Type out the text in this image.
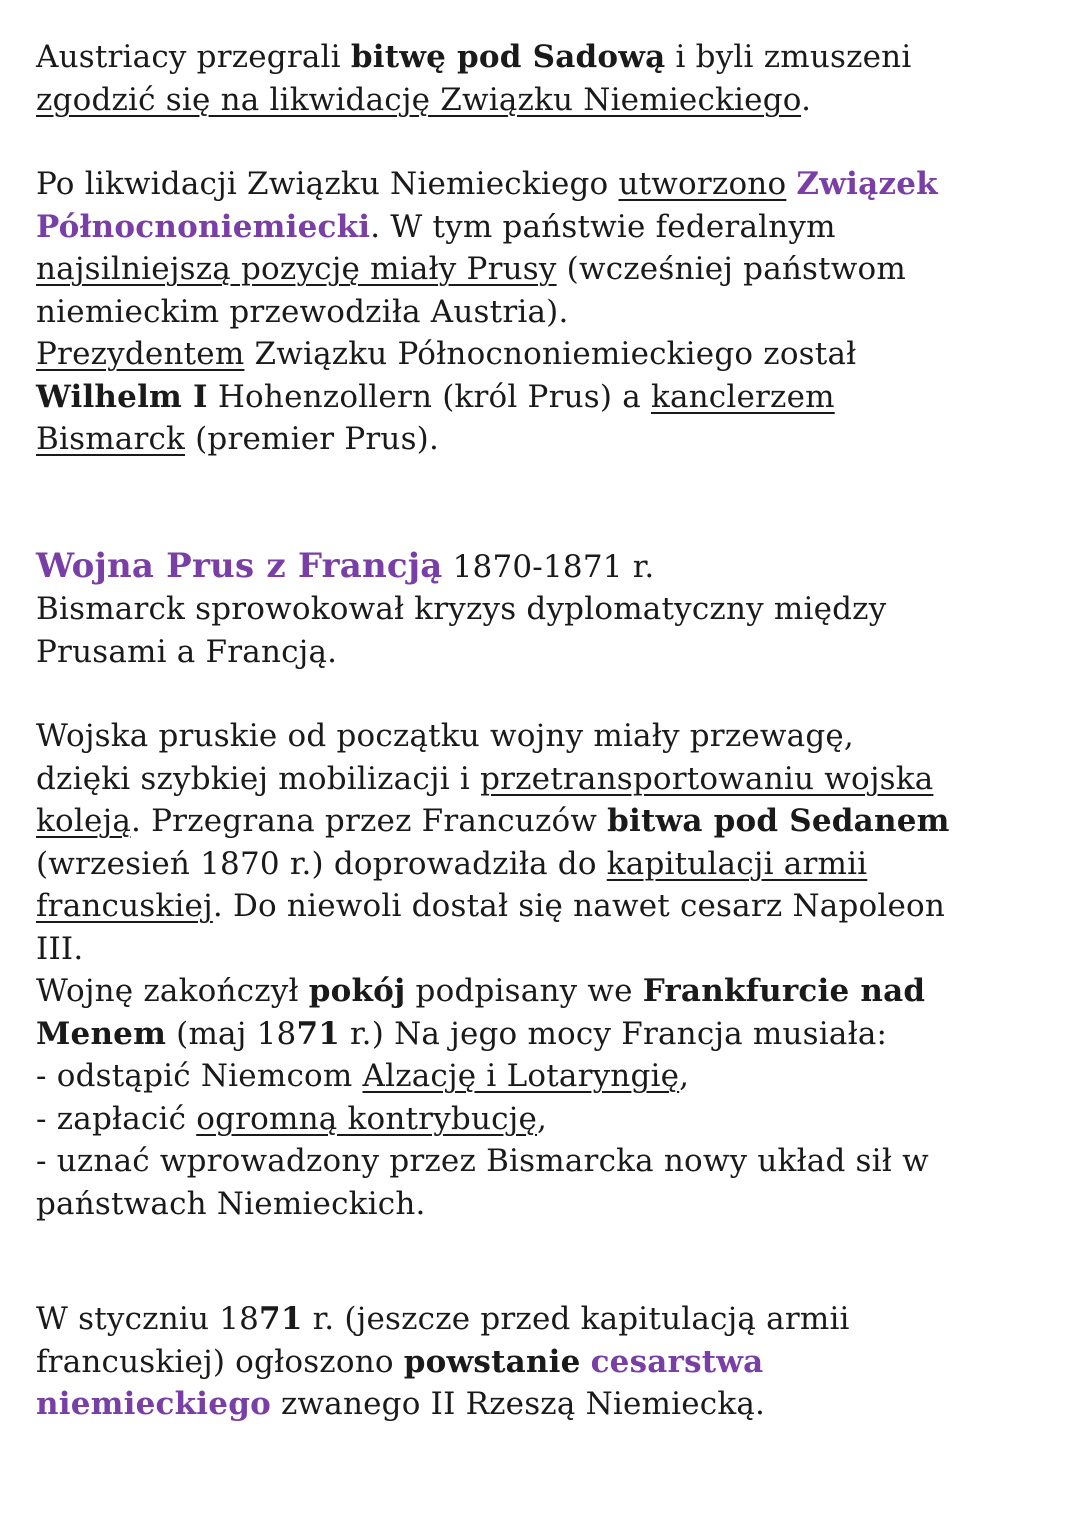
Austriacy przegrali bitwę pod Sadową i byli zmuszeni
zgodzić się na likwidację Związku Niemieckiego.
Po likwidacji Związku Niemieckiego utworzono Związek
Północnoniemiecki. W tym państwie federalnym
najsilniejszą pozycję miały Prusy (wcześniej państwom
niemieckim przewodziła Austria).
Prezydentem Związku Północnoniemieckiego został
Wilhelm I Hohenzollern (król Prus) a kanclerzem
Bismarck (premier Prus).
Wojna Prus z Francją 1870-1871 r.
Bismarck sprowokował kryzys dyplomatyczny między
Prusami a Francją.
Wojska pruskie od początku wojny miały przewagę,
dzięki szybkiej mobilizacji i przetransportowaniu wojska
koleją. Przegrana przez Francuzów bitwa pod Sedanem
(wrzesień 1870 r.) doprowadziła do kapitulacji armii
francuskiej. Do niewoli dostał się nawet cesarz Napoleon
III.
Wojnę zakończył pokój podpisany we Frankfurcie nad
Menem (maj 1871 r.) Na jego mocy Francja musiała:
- odstąpić Niemcom Alzację i Lotaryngię,
- zapłacić ogromną kontrybucję,
- uznać wprowadzony przez Bismarcka nowy układ sił w
państwach Niemieckich.
W styczniu 1871 r. (jeszcze przed kapitulacją armii
francuskiej) ogłoszono powstanie cesarstwa
niemieckiego zwanego II Rzeszą Niemiecką.
